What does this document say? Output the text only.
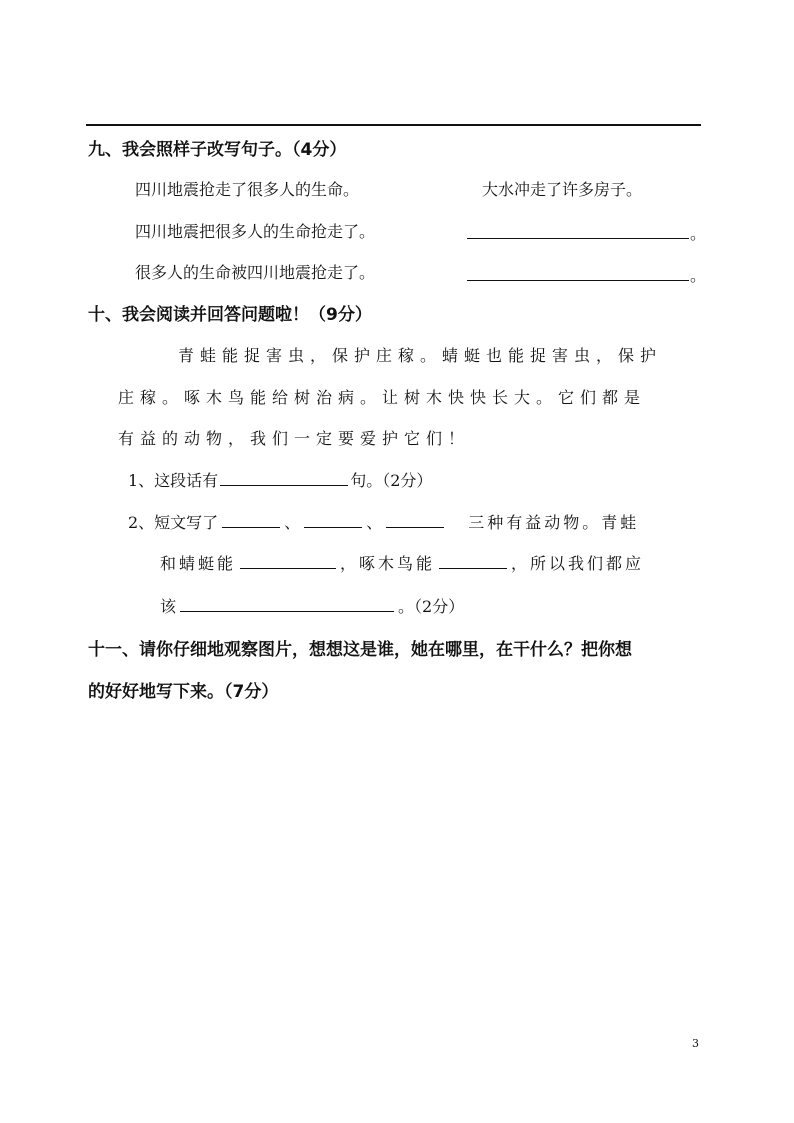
九、我会照样子改写句子。（4分）
四川地震抢走了很多人的生命。	大水冲走了许多房子。
四川地震把很多人的生命抢走了。	。
很多人的生命被四川地震抢走了。	。
十、我会阅读并回答问题啦！（9分）
青蛙能捉害虫，保护庄稼。蜻蜓也能捉害虫，保护
庄稼。啄木鸟能给树治病。让树木快快长大。它们都是
有益的动物，我们一定要爱护它们！
1、这段话有	句。（2分）
2、短文写了	、	、	三种有益动物。青蛙
和蜻蜓能	，啄木鸟能	，所以我们都应
该	。（2分）
十一、请你仔细地观察图片，想想这是谁，她在哪里，在干什么？把你想
的好好地写下来。（7分）
3
